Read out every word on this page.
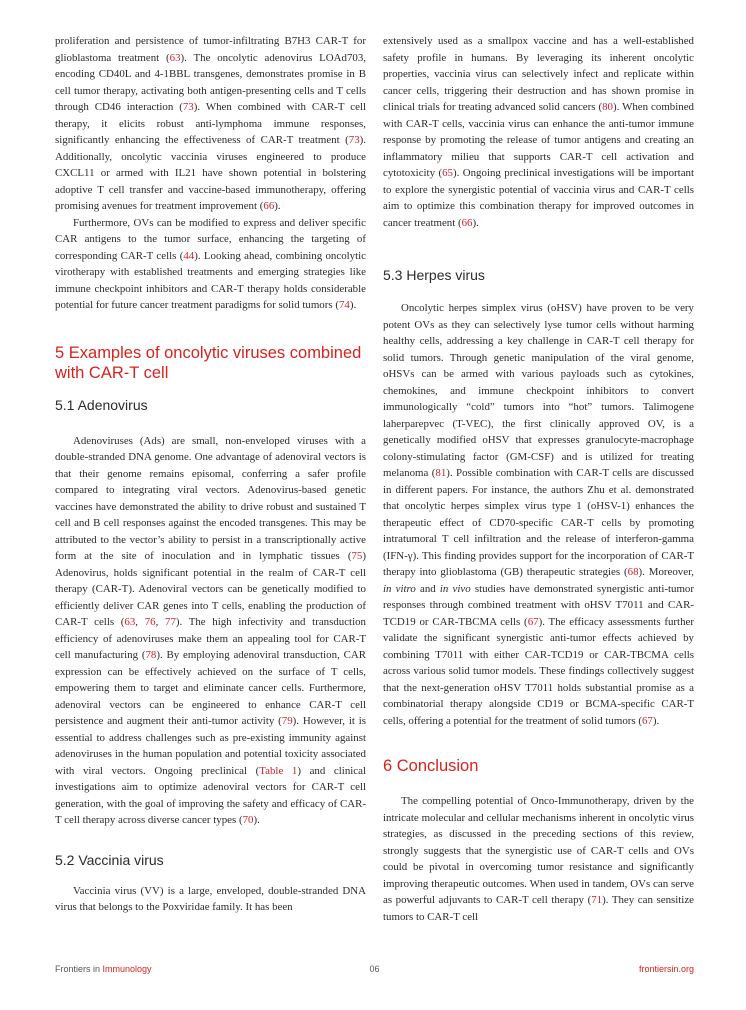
proliferation and persistence of tumor-infiltrating B7H3 CAR-T for glioblastoma treatment (63). The oncolytic adenovirus LOAd703, encoding CD40L and 4-1BBL transgenes, demonstrates promise in B cell tumor therapy, activating both antigen-presenting cells and T cells through CD46 interaction (73). When combined with CAR-T cell therapy, it elicits robust anti-lymphoma immune responses, significantly enhancing the effectiveness of CAR-T treatment (73). Additionally, oncolytic vaccinia viruses engineered to produce CXCL11 or armed with IL21 have shown potential in bolstering adoptive T cell transfer and vaccine-based immunotherapy, offering promising avenues for treatment improvement (66).

Furthermore, OVs can be modified to express and deliver specific CAR antigens to the tumor surface, enhancing the targeting of corresponding CAR-T cells (44). Looking ahead, combining oncolytic virotherapy with established treatments and emerging strategies like immune checkpoint inhibitors and CAR-T therapy holds considerable potential for future cancer treatment paradigms for solid tumors (74).

5 Examples of oncolytic viruses combined with CAR-T cell
5.1 Adenovirus

Adenoviruses (Ads) are small, non-enveloped viruses with a double-stranded DNA genome. One advantage of adenoviral vectors is that their genome remains episomal, conferring a safer profile compared to integrating viral vectors. Adenovirus-based genetic vaccines have demonstrated the ability to drive robust and sustained T cell and B cell responses against the encoded transgenes. This may be attributed to the vector’s ability to persist in a transcriptionally active form at the site of inoculation and in lymphatic tissues (75) Adenovirus, holds significant potential in the realm of CAR-T cell therapy (CAR-T). Adenoviral vectors can be genetically modified to efficiently deliver CAR genes into T cells, enabling the production of CAR-T cells (63, 76, 77). The high infectivity and transduction efficiency of adenoviruses make them an appealing tool for CAR-T cell manufacturing (78). By employing adenoviral transduction, CAR expression can be effectively achieved on the surface of T cells, empowering them to target and eliminate cancer cells. Furthermore, adenoviral vectors can be engineered to enhance CAR-T cell persistence and augment their anti-tumor activity (79). However, it is essential to address challenges such as pre-existing immunity against adenoviruses in the human population and potential toxicity associated with viral vectors. Ongoing preclinical (Table 1) and clinical investigations aim to optimize adenoviral vectors for CAR-T cell generation, with the goal of improving the safety and efficacy of CAR-T cell therapy across diverse cancer types (70).

5.2 Vaccinia virus

Vaccinia virus (VV) is a large, enveloped, double-stranded DNA virus that belongs to the Poxviridae family. It has been

extensively used as a smallpox vaccine and has a well-established safety profile in humans. By leveraging its inherent oncolytic properties, vaccinia virus can selectively infect and replicate within cancer cells, triggering their destruction and has shown promise in clinical trials for treating advanced solid cancers (80). When combined with CAR-T cells, vaccinia virus can enhance the anti-tumor immune response by promoting the release of tumor antigens and creating an inflammatory milieu that supports CAR-T cell activation and cytotoxicity (65). Ongoing preclinical investigations will be important to explore the synergistic potential of vaccinia virus and CAR-T cells aim to optimize this combination therapy for improved outcomes in cancer treatment (66).

5.3 Herpes virus

Oncolytic herpes simplex virus (oHSV) have proven to be very potent OVs as they can selectively lyse tumor cells without harming healthy cells, addressing a key challenge in CAR-T cell therapy for solid tumors. Through genetic manipulation of the viral genome, oHSVs can be armed with various payloads such as cytokines, chemokines, and immune checkpoint inhibitors to convert immunologically “cold” tumors into “hot” tumors. Talimogene laherparepvec (T-VEC), the first clinically approved OV, is a genetically modified oHSV that expresses granulocyte-macrophage colony-stimulating factor (GM-CSF) and is utilized for treating melanoma (81). Possible combination with CAR-T cells are discussed in different papers. For instance, the authors Zhu et al. demonstrated that oncolytic herpes simplex virus type 1 (oHSV-1) enhances the therapeutic effect of CD70-specific CAR-T cells by promoting intratumoral T cell infiltration and the release of interferon-gamma (IFN-γ). This finding provides support for the incorporation of CAR-T therapy into glioblastoma (GB) therapeutic strategies (68). Moreover, in vitro and in vivo studies have demonstrated synergistic anti-tumor responses through combined treatment with oHSV T7011 and CAR-TCD19 or CAR-TBCMA cells (67). The efficacy assessments further validate the significant synergistic anti-tumor effects achieved by combining T7011 with either CAR-TCD19 or CAR-TBCMA cells across various solid tumor models. These findings collectively suggest that the next-generation oHSV T7011 holds substantial promise as a combinatorial therapy alongside CD19 or BCMA-specific CAR-T cells, offering a potential for the treatment of solid tumors (67).

6 Conclusion

The compelling potential of Onco-Immunotherapy, driven by the intricate molecular and cellular mechanisms inherent in oncolytic virus strategies, as discussed in the preceding sections of this review, strongly suggests that the synergistic use of CAR-T cells and OVs could be pivotal in overcoming tumor resistance and significantly improving therapeutic outcomes. When used in tandem, OVs can serve as powerful adjuvants to CAR-T cell therapy (71). They can sensitize tumors to CAR-T cell

Frontiers in Immunology	06	frontiersin.org
